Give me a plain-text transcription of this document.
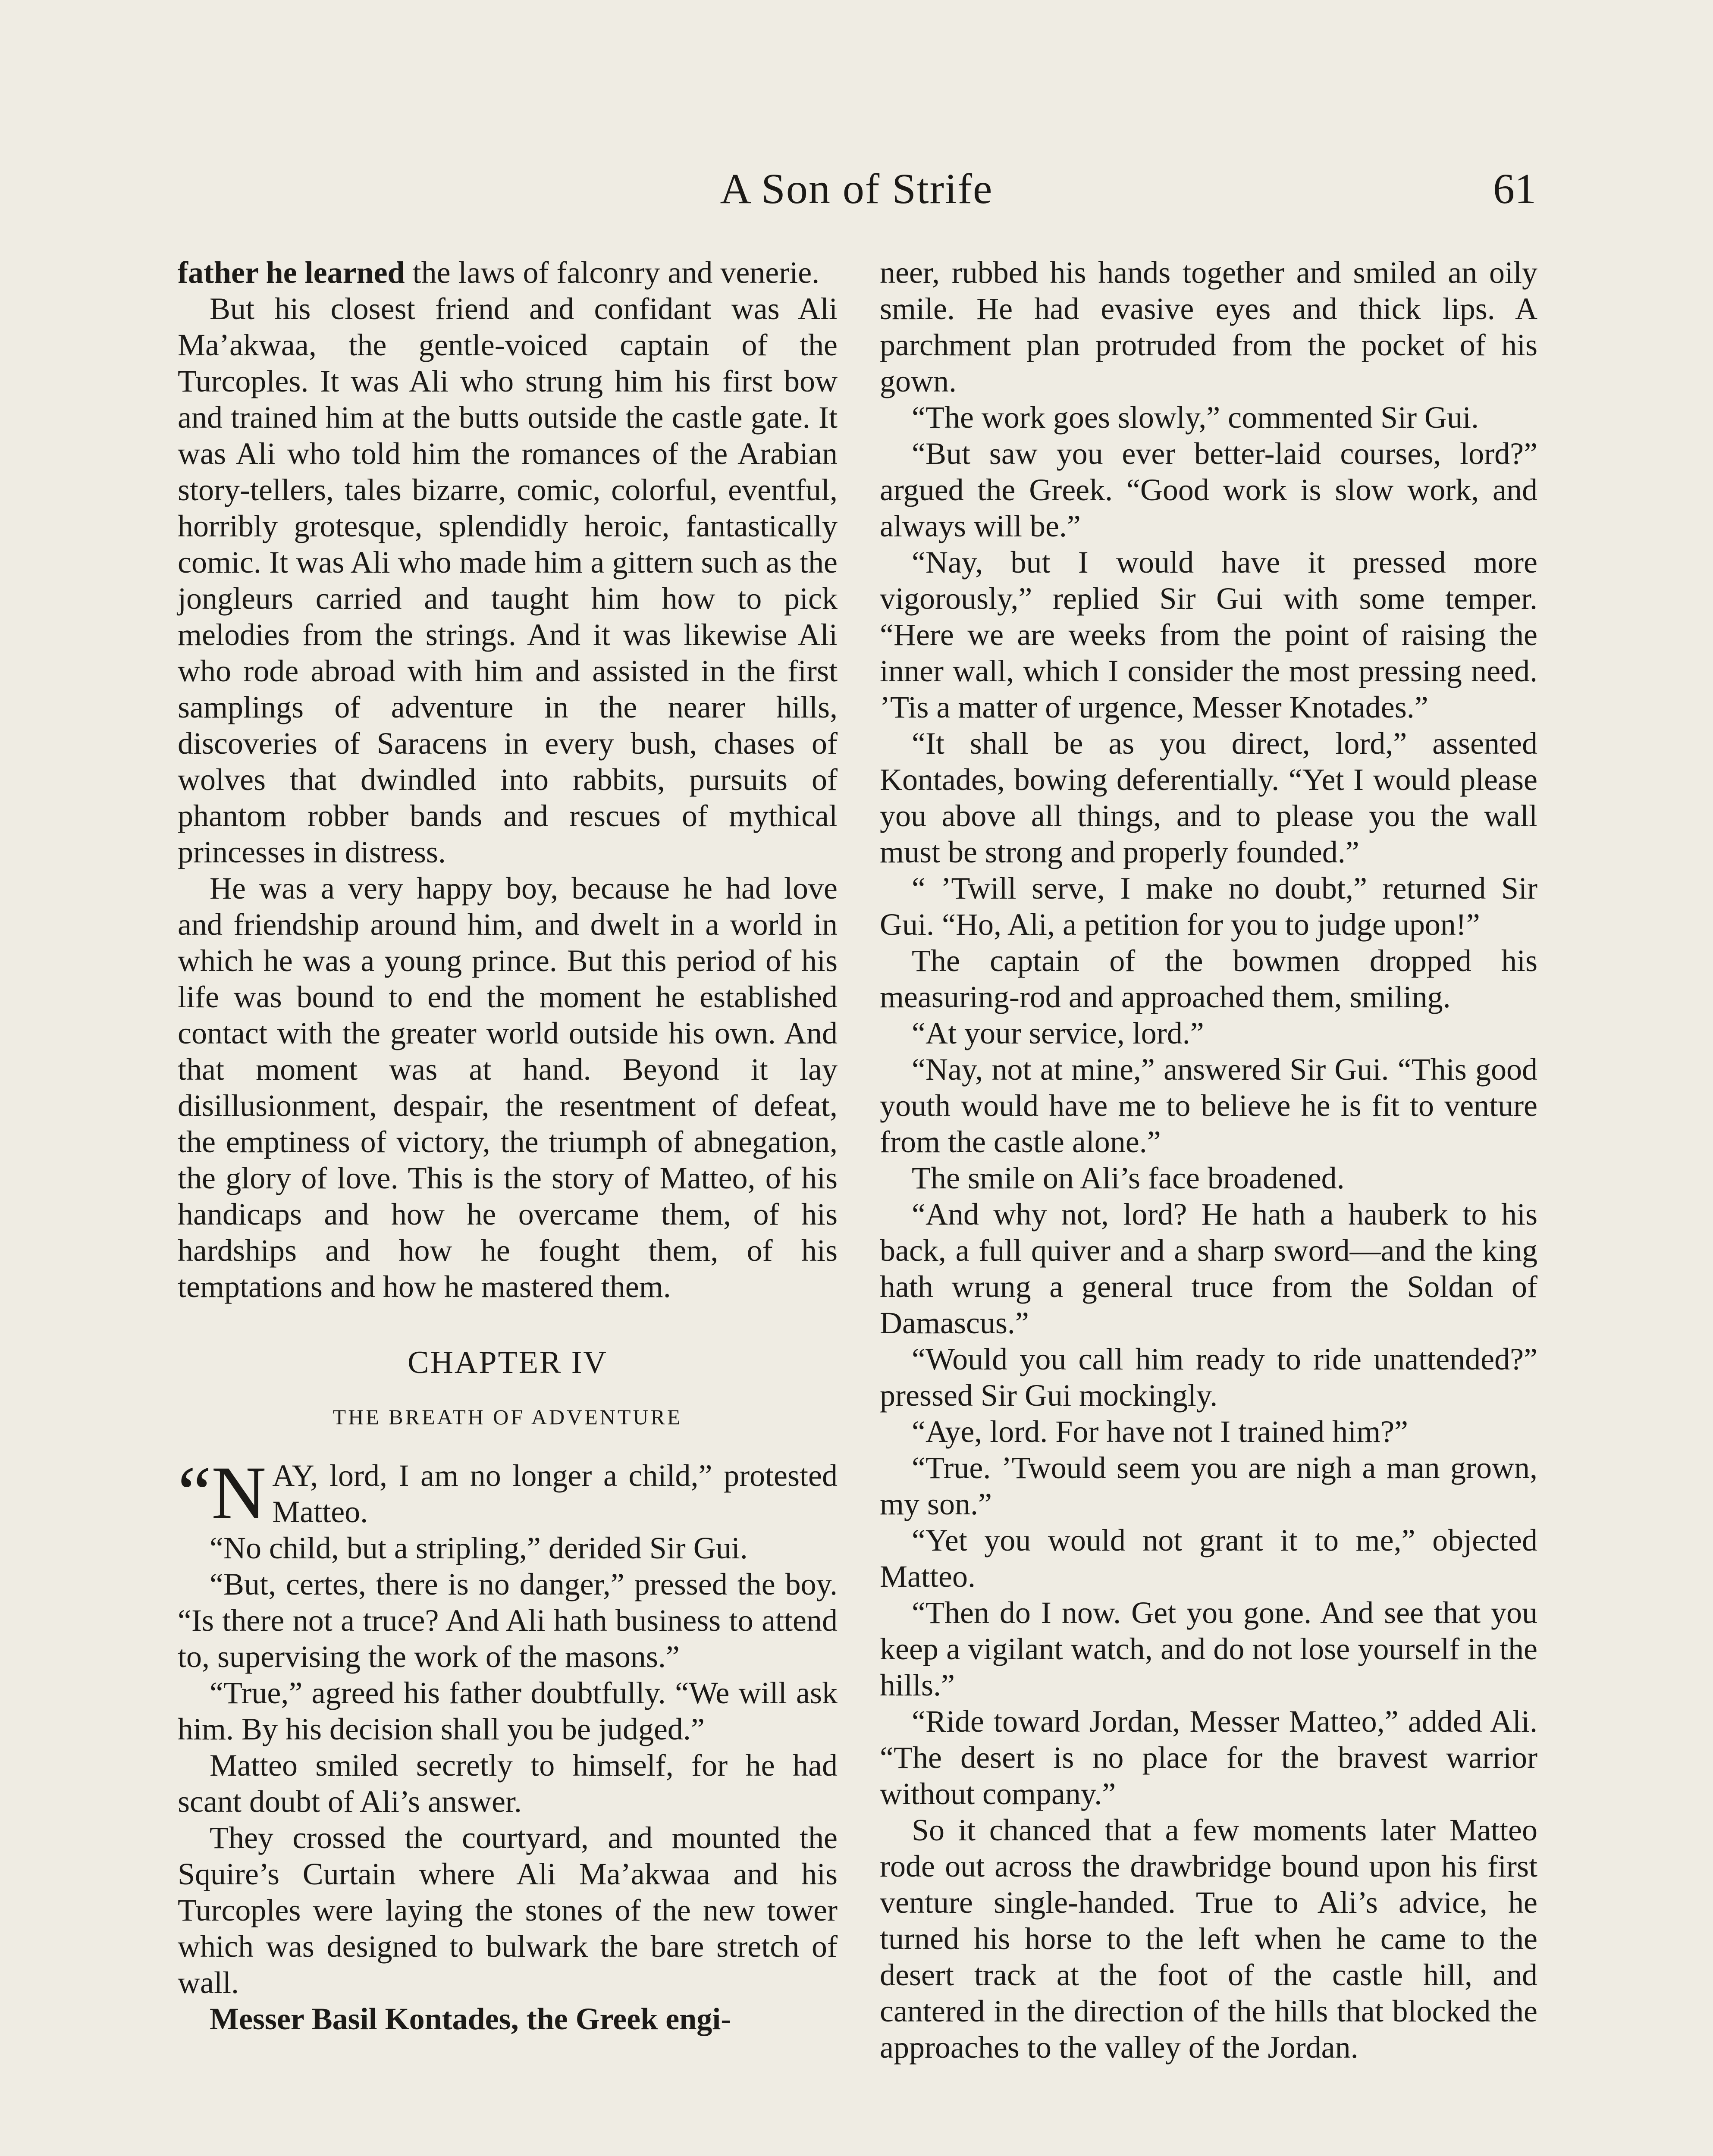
A Son of Strife	61

father he learned the laws of falconry and venerie.

But his closest friend and confidant was Ali Ma’akwaa, the gentle-voiced captain of the Turcoples. It was Ali who strung him his first bow and trained him at the butts outside the castle gate. It was Ali who told him the romances of the Arabian story-tellers, tales bizarre, comic, colorful, eventful, horribly grotesque, splendidly heroic, fantastically comic. It was Ali who made him a gittern such as the jongleurs carried and taught him how to pick melodies from the strings. And it was likewise Ali who rode abroad with him and assisted in the first samplings of adventure in the nearer hills, discoveries of Saracens in every bush, chases of wolves that dwindled into rabbits, pursuits of phantom robber bands and rescues of mythical princesses in distress.

He was a very happy boy, because he had love and friendship around him, and dwelt in a world in which he was a young prince. But this period of his life was bound to end the moment he established contact with the greater world outside his own. And that moment was at hand. Beyond it lay disillusionment, despair, the resentment of defeat, the emptiness of victory, the triumph of abnegation, the glory of love. This is the story of Matteo, of his handicaps and how he overcame them, of his hardships and how he fought them, of his temptations and how he mastered them.

CHAPTER IV
THE BREATH OF ADVENTURE

“N AY, lord, I am no longer a child,” protested Matteo.

“No child, but a stripling,” derided Sir Gui.

“But, certes, there is no danger,” pressed the boy. “Is there not a truce? And Ali hath business to attend to, supervising the work of the masons.”

“True,” agreed his father doubtfully. “We will ask him. By his decision shall you be judged.”

Matteo smiled secretly to himself, for he had scant doubt of Ali’s answer.

They crossed the courtyard, and mounted the Squire’s Curtain where Ali Ma’akwaa and his Turcoples were laying the stones of the new tower which was designed to bulwark the bare stretch of wall.

Messer Basil Kontades, the Greek engi-

neer, rubbed his hands together and smiled an oily smile. He had evasive eyes and thick lips. A parchment plan protruded from the pocket of his gown.

“The work goes slowly,” commented Sir Gui.

“But saw you ever better-laid courses, lord?” argued the Greek. “Good work is slow work, and always will be.”

“Nay, but I would have it pressed more vigorously,” replied Sir Gui with some temper. “Here we are weeks from the point of raising the inner wall, which I consider the most pressing need. ’Tis a matter of urgence, Messer Knotades.”

“It shall be as you direct, lord,” assented Kontades, bowing deferentially. “Yet I would please you above all things, and to please you the wall must be strong and properly founded.”

“ ’Twill serve, I make no doubt,” returned Sir Gui. “Ho, Ali, a petition for you to judge upon!”

The captain of the bowmen dropped his measuring-rod and approached them, smiling.

“At your service, lord.”

“Nay, not at mine,” answered Sir Gui. “This good youth would have me to believe he is fit to venture from the castle alone.”

The smile on Ali’s face broadened.

“And why not, lord? He hath a hauberk to his back, a full quiver and a sharp sword—and the king hath wrung a general truce from the Soldan of Damascus.”

“Would you call him ready to ride unattended?” pressed Sir Gui mockingly.

“Aye, lord. For have not I trained him?”

“True. ’Twould seem you are nigh a man grown, my son.”

“Yet you would not grant it to me,” objected Matteo.

“Then do I now. Get you gone. And see that you keep a vigilant watch, and do not lose yourself in the hills.”

“Ride toward Jordan, Messer Matteo,” added Ali. “The desert is no place for the bravest warrior without company.”

So it chanced that a few moments later Matteo rode out across the drawbridge bound upon his first venture single-handed. True to Ali’s advice, he turned his horse to the left when he came to the desert track at the foot of the castle hill, and cantered in the direction of the hills that blocked the approaches to the valley of the Jordan.
